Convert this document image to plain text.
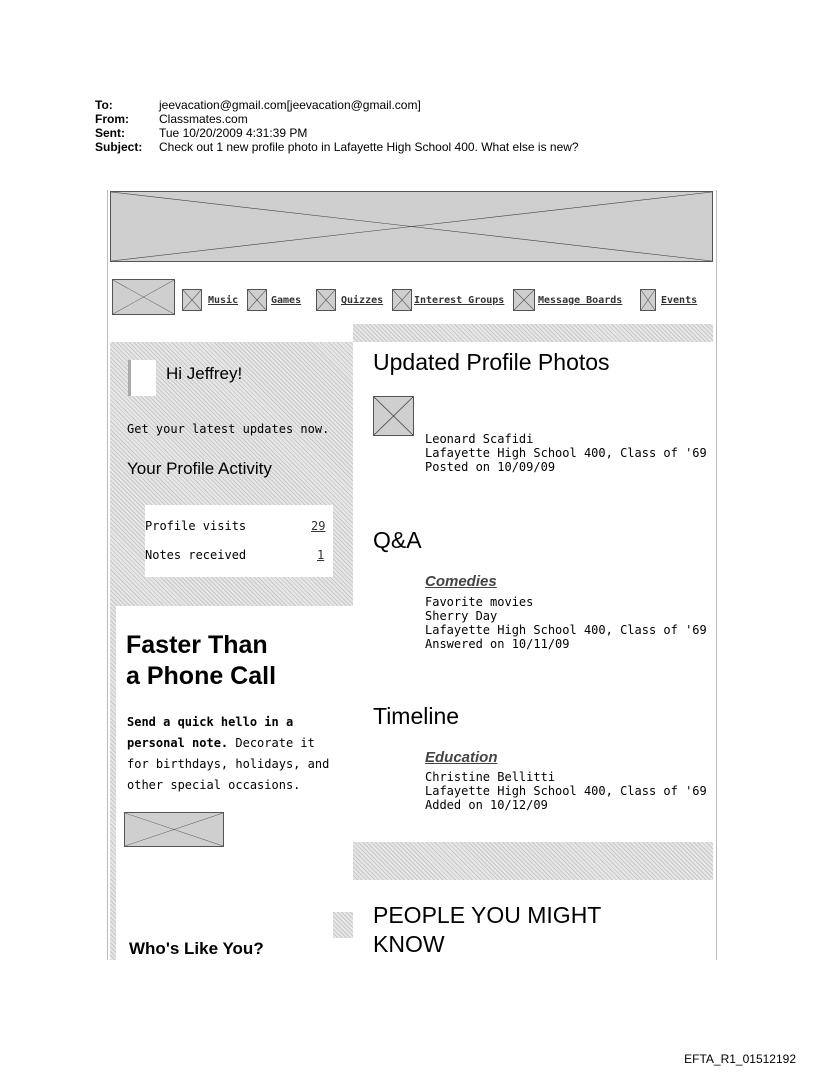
To:	jeevacation@gmail.com[jeevacation@gmail.com]
From:	Classmates.com
Sent:	Tue 10/20/2009 4:31:39 PM
Subject:	Check out 1 new profile photo in Lafayette High School 400. What else is new?
Music	Games	Quizzes	Interest Groups	Message Boards	Events
Hi Jeffrey!
Get your latest updates now.
Your Profile Activity
Profile visits	29
Notes received	1
Faster Than
a Phone Call
Send a quick hello in a personal note. Decorate it for birthdays, holidays, and other special occasions.
Who's Like You?
Updated Profile Photos
Leonard Scafidi
Lafayette High School 400, Class of '69
Posted on 10/09/09
Q&A
Comedies
Favorite movies
Sherry Day
Lafayette High School 400, Class of '69
Answered on 10/11/09
Timeline
Education
Christine Bellitti
Lafayette High School 400, Class of '69
Added on 10/12/09
PEOPLE YOU MIGHT
KNOW
EFTA_R1_01512192
